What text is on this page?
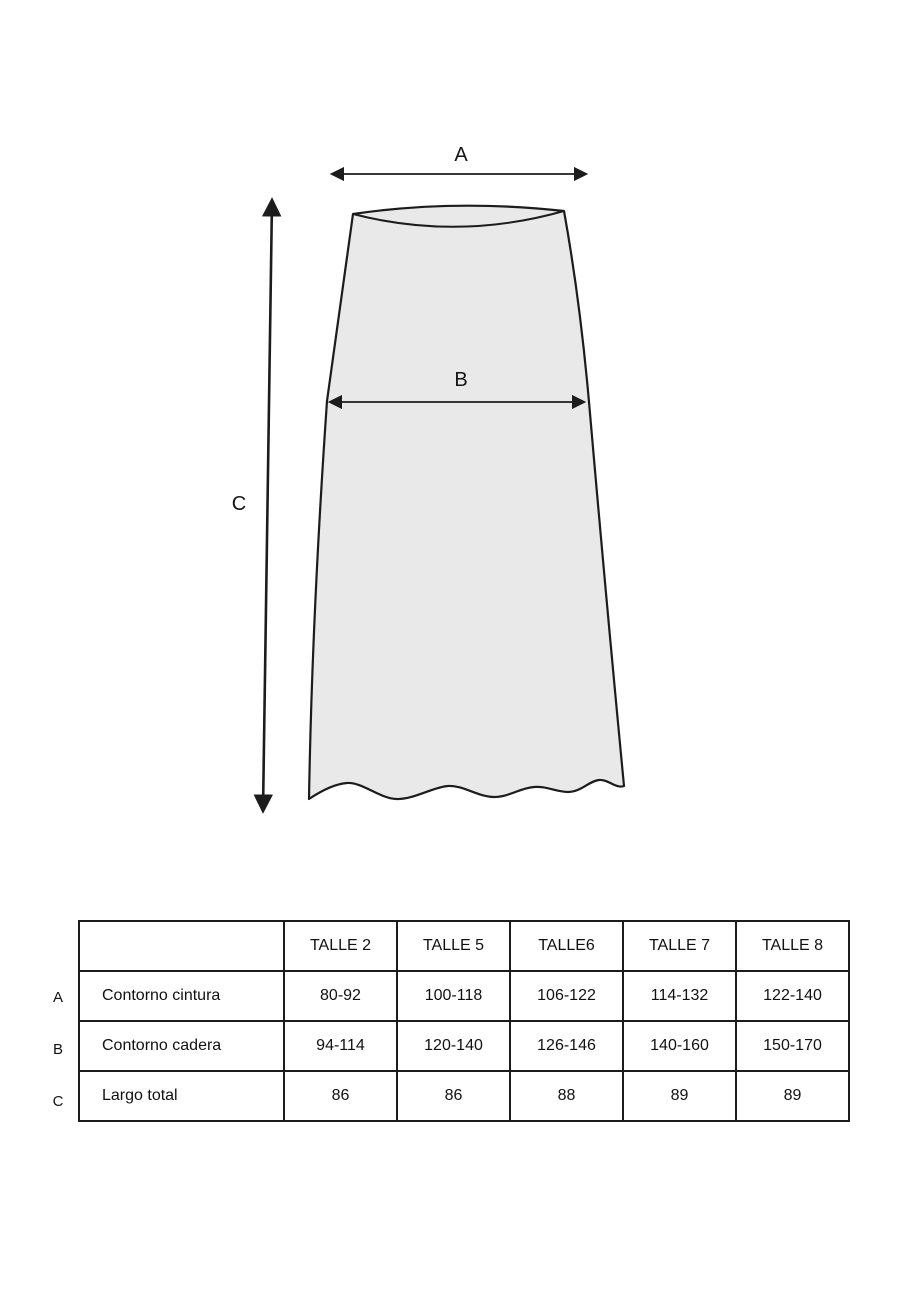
A
B
C
A
B
C
	TALLE 2	TALLE 5	TALLE6	TALLE 7	TALLE 8
Contorno cintura	80-92	100-118	106-122	114-132	122-140
Contorno cadera	94-114	120-140	126-146	140-160	150-170
Largo total	86	86	88	89	89
